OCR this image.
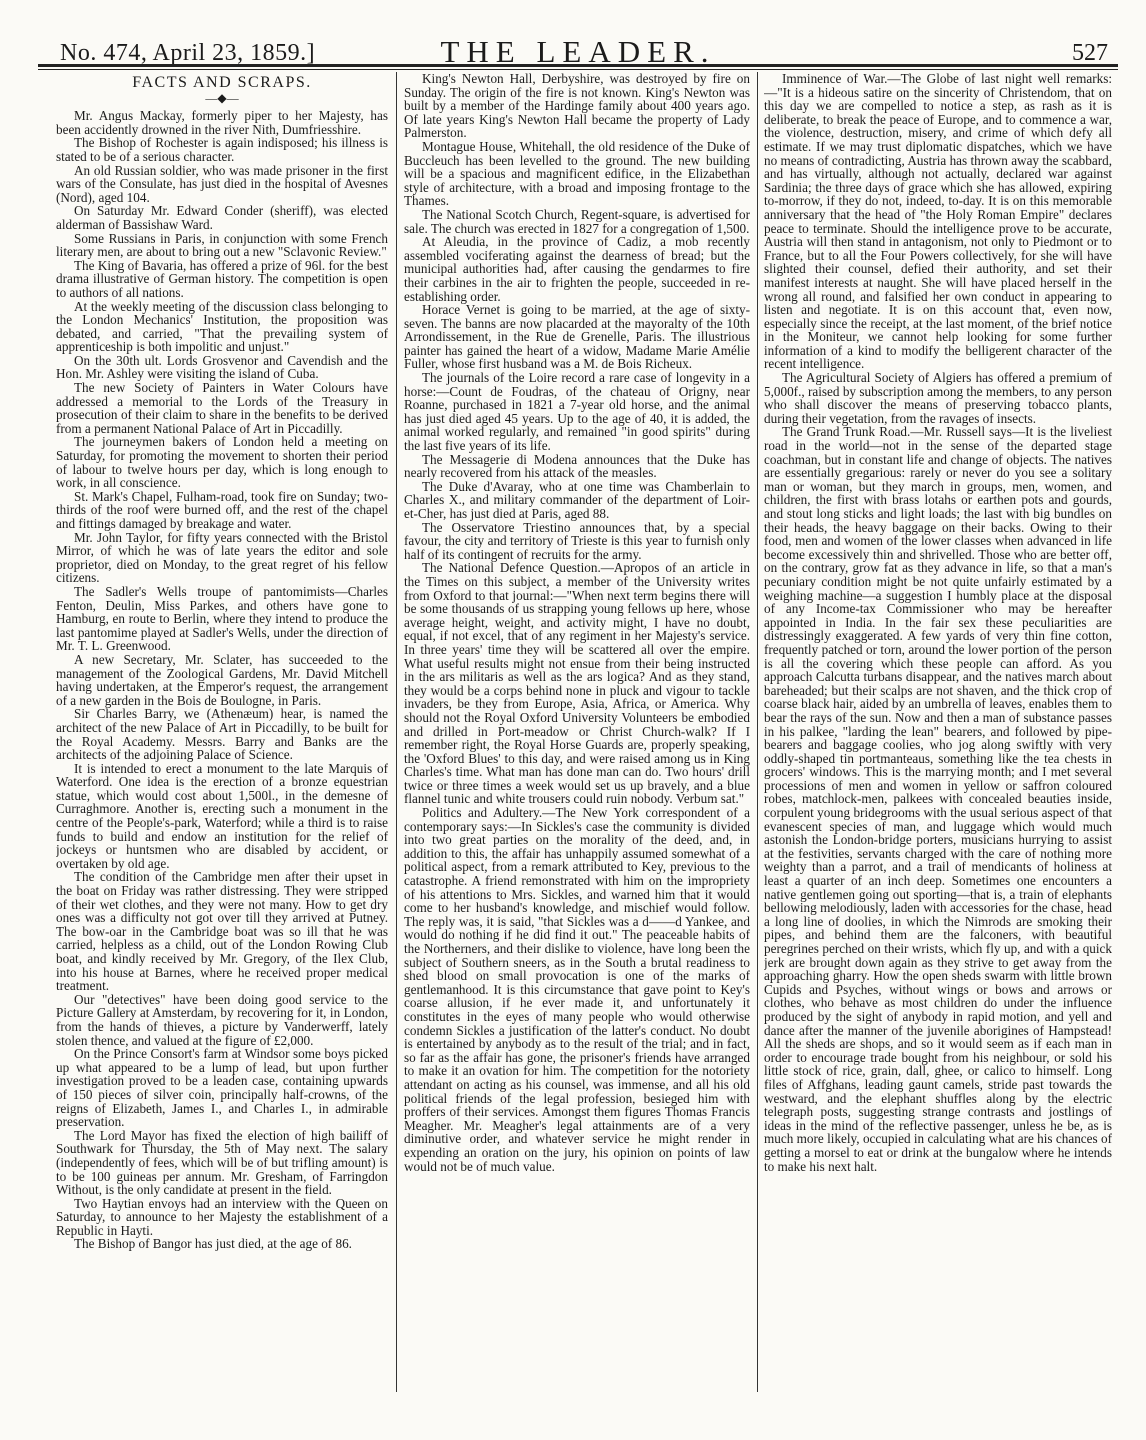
No. 474, April 23, 1859.]	THE LEADER.	527
FACTS AND SCRAPS.
—◆—

Mr. Angus Mackay, formerly piper to her Majesty, has been accidently drowned in the river Nith, Dumfriesshire.

The Bishop of Rochester is again indisposed; his illness is stated to be of a serious character.

An old Russian soldier, who was made prisoner in the first wars of the Consulate, has just died in the hospital of Avesnes (Nord), aged 104.

On Saturday Mr. Edward Conder (sheriff), was elected alderman of Bassishaw Ward.

Some Russians in Paris, in conjunction with some French literary men, are about to bring out a new "Sclavonic Review."

The King of Bavaria, has offered a prize of 96l. for the best drama illustrative of German history. The competition is open to authors of all nations.

At the weekly meeting of the discussion class belonging to the London Mechanics' Institution, the proposition was debated, and carried, "That the prevailing system of apprenticeship is both impolitic and unjust."

On the 30th ult. Lords Grosvenor and Cavendish and the Hon. Mr. Ashley were visiting the island of Cuba.

The new Society of Painters in Water Colours have addressed a memorial to the Lords of the Treasury in prosecution of their claim to share in the benefits to be derived from a permanent National Palace of Art in Piccadilly.

The journeymen bakers of London held a meeting on Saturday, for promoting the movement to shorten their period of labour to twelve hours per day, which is long enough to work, in all conscience.

St. Mark's Chapel, Fulham-road, took fire on Sunday; two-thirds of the roof were burned off, and the rest of the chapel and fittings damaged by breakage and water.

Mr. John Taylor, for fifty years connected with the Bristol Mirror, of which he was of late years the editor and sole proprietor, died on Monday, to the great regret of his fellow citizens.

The Sadler's Wells troupe of pantomimists—Charles Fenton, Deulin, Miss Parkes, and others have gone to Hamburg, en route to Berlin, where they intend to produce the last pantomime played at Sadler's Wells, under the direction of Mr. T. L. Greenwood.

A new Secretary, Mr. Sclater, has succeeded to the management of the Zoological Gardens, Mr. David Mitchell having undertaken, at the Emperor's request, the arrangement of a new garden in the Bois de Boulogne, in Paris.

Sir Charles Barry, we (Athenæum) hear, is named the architect of the new Palace of Art in Piccadilly, to be built for the Royal Academy. Messrs. Barry and Banks are the architects of the adjoining Palace of Science.

It is intended to erect a monument to the late Marquis of Waterford. One idea is the erection of a bronze equestrian statue, which would cost about 1,500l., in the demesne of Curraghmore. Another is, erecting such a monument in the centre of the People's-park, Waterford; while a third is to raise funds to build and endow an institution for the relief of jockeys or huntsmen who are disabled by accident, or overtaken by old age.

The condition of the Cambridge men after their upset in the boat on Friday was rather distressing. They were stripped of their wet clothes, and they were not many. How to get dry ones was a difficulty not got over till they arrived at Putney. The bow-oar in the Cambridge boat was so ill that he was carried, helpless as a child, out of the London Rowing Club boat, and kindly received by Mr. Gregory, of the Ilex Club, into his house at Barnes, where he received proper medical treatment.

Our "detectives" have been doing good service to the Picture Gallery at Amsterdam, by recovering for it, in London, from the hands of thieves, a picture by Vanderwerff, lately stolen thence, and valued at the figure of £2,000.

On the Prince Consort's farm at Windsor some boys picked up what appeared to be a lump of lead, but upon further investigation proved to be a leaden case, containing upwards of 150 pieces of silver coin, principally half-crowns, of the reigns of Elizabeth, James I., and Charles I., in admirable preservation.

The Lord Mayor has fixed the election of high bailiff of Southwark for Thursday, the 5th of May next. The salary (independently of fees, which will be of but trifling amount) is to be 100 guineas per annum. Mr. Gresham, of Farringdon Without, is the only candidate at present in the field.

Two Haytian envoys had an interview with the Queen on Saturday, to announce to her Majesty the establishment of a Republic in Hayti.

The Bishop of Bangor has just died, at the age of 86.

King's Newton Hall, Derbyshire, was destroyed by fire on Sunday. The origin of the fire is not known. King's Newton was built by a member of the Hardinge family about 400 years ago. Of late years King's Newton Hall became the property of Lady Palmerston.

Montague House, Whitehall, the old residence of the Duke of Buccleuch has been levelled to the ground. The new building will be a spacious and magnificent edifice, in the Elizabethan style of architecture, with a broad and imposing frontage to the Thames.

The National Scotch Church, Regent-square, is advertised for sale. The church was erected in 1827 for a congregation of 1,500.

At Aleudia, in the province of Cadiz, a mob recently assembled vociferating against the dearness of bread; but the municipal authorities had, after causing the gendarmes to fire their carbines in the air to frighten the people, succeeded in re-establishing order.

Horace Vernet is going to be married, at the age of sixty-seven. The banns are now placarded at the mayoralty of the 10th Arrondissement, in the Rue de Grenelle, Paris. The illustrious painter has gained the heart of a widow, Madame Marie Amélie Fuller, whose first husband was a M. de Bois Richeux.

The journals of the Loire record a rare case of longevity in a horse:—Count de Foudras, of the chateau of Origny, near Roanne, purchased in 1821 a 7-year old horse, and the animal has just died aged 45 years. Up to the age of 40, it is added, the animal worked regularly, and remained "in good spirits" during the last five years of its life.

The Messagerie di Modena announces that the Duke has nearly recovered from his attack of the measles.

The Duke d'Avaray, who at one time was Chamberlain to Charles X., and military commander of the department of Loir-et-Cher, has just died at Paris, aged 88.

The Osservatore Triestino announces that, by a special favour, the city and territory of Trieste is this year to furnish only half of its contingent of recruits for the army.

The National Defence Question.—Apropos of an article in the Times on this subject, a member of the University writes from Oxford to that journal:—"When next term begins there will be some thousands of us strapping young fellows up here, whose average height, weight, and activity might, I have no doubt, equal, if not excel, that of any regiment in her Majesty's service. In three years' time they will be scattered all over the empire. What useful results might not ensue from their being instructed in the ars militaris as well as the ars logica? And as they stand, they would be a corps behind none in pluck and vigour to tackle invaders, be they from Europe, Asia, Africa, or America. Why should not the Royal Oxford University Volunteers be embodied and drilled in Port-meadow or Christ Church-walk? If I remember right, the Royal Horse Guards are, properly speaking, the 'Oxford Blues' to this day, and were raised among us in King Charles's time. What man has done man can do. Two hours' drill twice or three times a week would set us up bravely, and a blue flannel tunic and white trousers could ruin nobody. Verbum sat."

Politics and Adultery.—The New York correspondent of a contemporary says:—In Sickles's case the community is divided into two great parties on the morality of the deed, and, in addition to this, the affair has unhappily assumed somewhat of a political aspect, from a remark attributed to Key, previous to the catastrophe. A friend remonstrated with him on the impropriety of his attentions to Mrs. Sickles, and warned him that it would come to her husband's knowledge, and mischief would follow. The reply was, it is said, "that Sickles was a d——d Yankee, and would do nothing if he did find it out." The peaceable habits of the Northerners, and their dislike to violence, have long been the subject of Southern sneers, as in the South a brutal readiness to shed blood on small provocation is one of the marks of gentlemanhood. It is this circumstance that gave point to Key's coarse allusion, if he ever made it, and unfortunately it constitutes in the eyes of many people who would otherwise condemn Sickles a justification of the latter's conduct. No doubt is entertained by anybody as to the result of the trial; and in fact, so far as the affair has gone, the prisoner's friends have arranged to make it an ovation for him. The competition for the notoriety attendant on acting as his counsel, was immense, and all his old political friends of the legal profession, besieged him with proffers of their services. Amongst them figures Thomas Francis Meagher. Mr. Meagher's legal attainments are of a very diminutive order, and whatever service he might render in expending an oration on the jury, his opinion on points of law would not be of much value.

Imminence of War.—The Globe of last night well remarks:—"It is a hideous satire on the sincerity of Christendom, that on this day we are compelled to notice a step, as rash as it is deliberate, to break the peace of Europe, and to commence a war, the violence, destruction, misery, and crime of which defy all estimate. If we may trust diplomatic dispatches, which we have no means of contradicting, Austria has thrown away the scabbard, and has virtually, although not actually, declared war against Sardinia; the three days of grace which she has allowed, expiring to-morrow, if they do not, indeed, to-day. It is on this memorable anniversary that the head of "the Holy Roman Empire" declares peace to terminate. Should the intelligence prove to be accurate, Austria will then stand in antagonism, not only to Piedmont or to France, but to all the Four Powers collectively, for she will have slighted their counsel, defied their authority, and set their manifest interests at naught. She will have placed herself in the wrong all round, and falsified her own conduct in appearing to listen and negotiate. It is on this account that, even now, especially since the receipt, at the last moment, of the brief notice in the Moniteur, we cannot help looking for some further information of a kind to modify the belligerent character of the recent intelligence.

The Agricultural Society of Algiers has offered a premium of 5,000f., raised by subscription among the members, to any person who shall discover the means of preserving tobacco plants, during their vegetation, from the ravages of insects.

The Grand Trunk Road.—Mr. Russell says—It is the liveliest road in the world—not in the sense of the departed stage coachman, but in constant life and change of objects. The natives are essentially gregarious: rarely or never do you see a solitary man or woman, but they march in groups, men, women, and children, the first with brass lotahs or earthen pots and gourds, and stout long sticks and light loads; the last with big bundles on their heads, the heavy baggage on their backs. Owing to their food, men and women of the lower classes when advanced in life become excessively thin and shrivelled. Those who are better off, on the contrary, grow fat as they advance in life, so that a man's pecuniary condition might be not quite unfairly estimated by a weighing machine—a suggestion I humbly place at the disposal of any Income-tax Commissioner who may be hereafter appointed in India. In the fair sex these peculiarities are distressingly exaggerated. A few yards of very thin fine cotton, frequently patched or torn, around the lower portion of the person is all the covering which these people can afford. As you approach Calcutta turbans disappear, and the natives march about bareheaded; but their scalps are not shaven, and the thick crop of coarse black hair, aided by an umbrella of leaves, enables them to bear the rays of the sun. Now and then a man of substance passes in his palkee, "larding the lean" bearers, and followed by pipe-bearers and baggage coolies, who jog along swiftly with very oddly-shaped tin portmanteaus, something like the tea chests in grocers' windows. This is the marrying month; and I met several processions of men and women in yellow or saffron coloured robes, matchlock-men, palkees with concealed beauties inside, corpulent young bridegrooms with the usual serious aspect of that evanescent species of man, and luggage which would much astonish the London-bridge porters, musicians hurrying to assist at the festivities, servants charged with the care of nothing more weighty than a parrot, and a trail of mendicants of holiness at least a quarter of an inch deep. Sometimes one encounters a native gentlemen going out sporting—that is, a train of elephants bellowing melodiously, laden with accessories for the chase, head a long line of doolies, in which the Nimrods are smoking their pipes, and behind them are the falconers, with beautiful peregrines perched on their wrists, which fly up, and with a quick jerk are brought down again as they strive to get away from the approaching gharry. How the open sheds swarm with little brown Cupids and Psyches, without wings or bows and arrows or clothes, who behave as most children do under the influence produced by the sight of anybody in rapid motion, and yell and dance after the manner of the juvenile aborigines of Hampstead! All the sheds are shops, and so it would seem as if each man in order to encourage trade bought from his neighbour, or sold his little stock of rice, grain, dall, ghee, or calico to himself. Long files of Affghans, leading gaunt camels, stride past towards the westward, and the elephant shuffles along by the electric telegraph posts, suggesting strange contrasts and jostlings of ideas in the mind of the reflective passenger, unless he be, as is much more likely, occupied in calculating what are his chances of getting a morsel to eat or drink at the bungalow where he intends to make his next halt.
